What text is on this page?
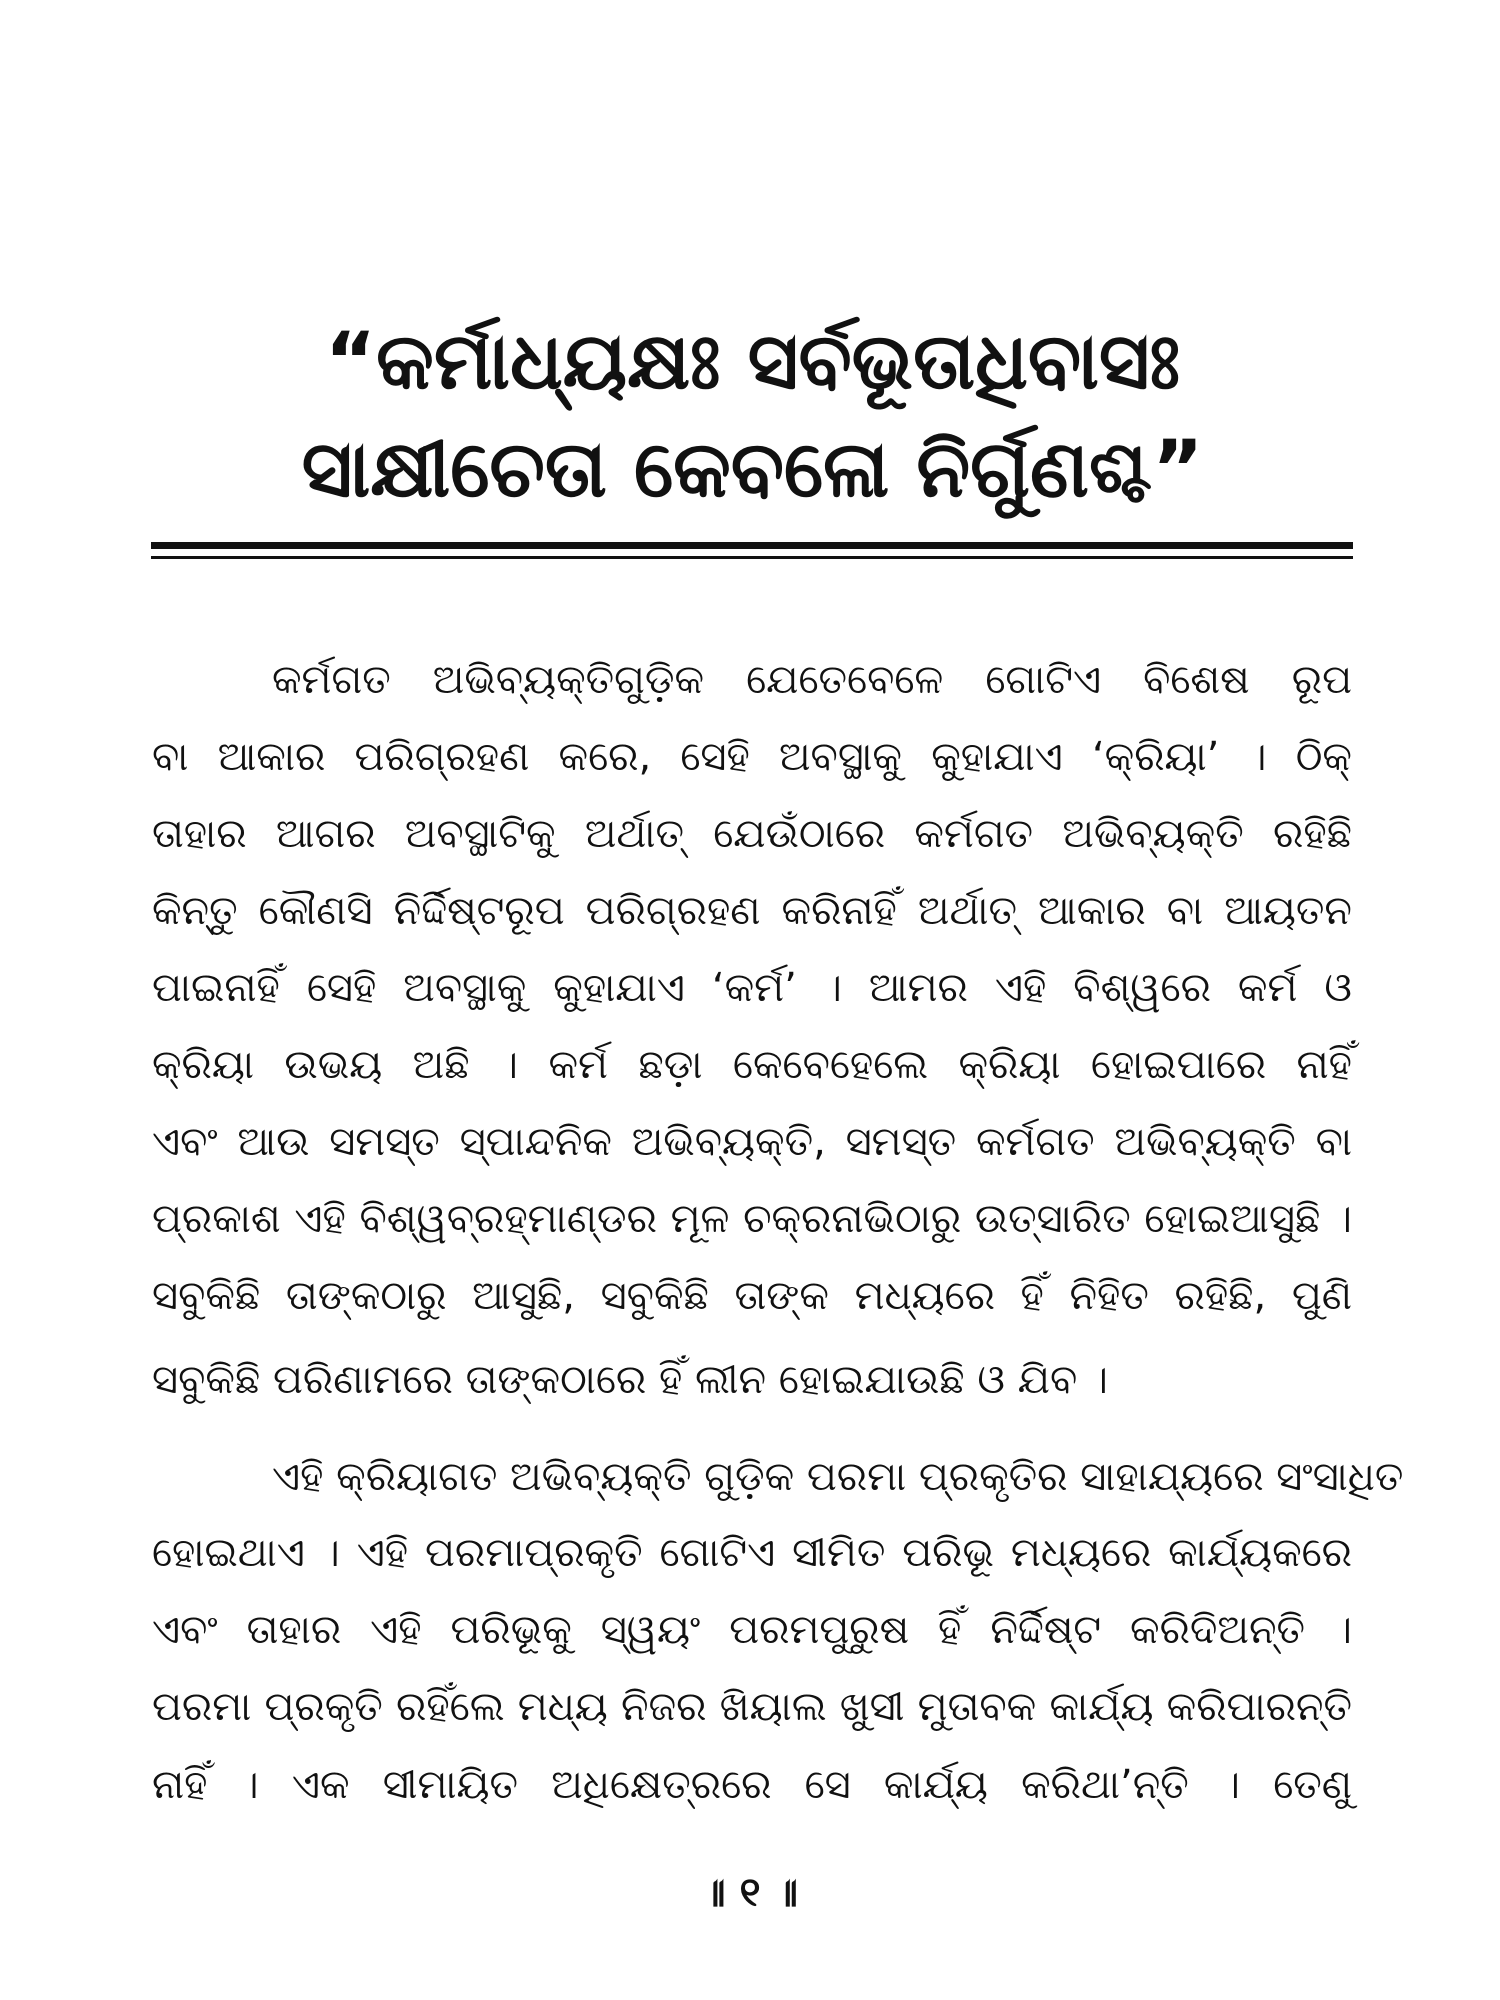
“କର୍ମାଧ୍ୟକ୍ଷଃ ସର୍ବଭୂତାଧିବାସଃ
ସାକ୍ଷୀଚେତା କେବଳୋ ନିର୍ଗୁଣଶ୍ଚ”
କର୍ମଗତ ଅଭିବ୍ୟକ୍ତିଗୁଡ଼ିକ ଯେତେବେଳେ ଗୋଟିଏ ବିଶେଷ ରୂପ
ବା ଆକାର ପରିଗ୍ରହଣ କରେ, ସେହି ଅବସ୍ଥାକୁ କୁହାଯାଏ ‘କ୍ରିୟା’ । ଠିକ୍
ତାହାର ଆଗର ଅବସ୍ଥାଟିକୁ ଅର୍ଥାତ୍ ଯେଉଁଠାରେ କର୍ମଗତ ଅଭିବ୍ୟକ୍ତି ରହିଛି
କିନ୍ତୁ କୌଣସି ନିର୍ଦ୍ଦିଷ୍ଟରୂପ ପରିଗ୍ରହଣ କରିନାହିଁ ଅର୍ଥାତ୍ ଆକାର ବା ଆୟତନ
ପାଇନାହିଁ ସେହି ଅବସ୍ଥାକୁ କୁହାଯାଏ ‘କର୍ମ’ । ଆମର ଏହି ବିଶ୍ୱରେ କର୍ମ ଓ
କ୍ରିୟା ଉଭୟ ଅଛି । କର୍ମ ଛଡ଼ା କେବେହେଲେ କ୍ରିୟା ହୋଇପାରେ ନାହିଁ
ଏବଂ ଆଉ ସମସ୍ତ ସ୍ପାନ୍ଦନିକ ଅଭିବ୍ୟକ୍ତି, ସମସ୍ତ କର୍ମଗତ ଅଭିବ୍ୟକ୍ତି ବା
ପ୍ରକାଶ ଏହି ବିଶ୍ୱବ୍ରହ୍ମାଣ୍ଡର ମୂଳ ଚକ୍ରନାଭିଠାରୁ ଉତ୍ସାରିତ ହୋଇଆସୁଛି ।
ସବୁକିଛି ତାଙ୍କଠାରୁ ଆସୁଛି, ସବୁକିଛି ତାଙ୍କ ମଧ୍ୟରେ ହିଁ ନିହିତ ରହିଛି, ପୁଣି
ସବୁକିଛି ପରିଣାମରେ ତାଙ୍କଠାରେ ହିଁ ଲୀନ ହୋଇଯାଉଛି ଓ ଯିବ ।
ଏହି କ୍ରିୟାଗତ ଅଭିବ୍ୟକ୍ତି ଗୁଡ଼ିକ ପରମା ପ୍ରକୃତିର ସାହାଯ୍ୟରେ ସଂସାଧିତ
ହୋଇଥାଏ । ଏହି ପରମାପ୍ରକୃତି ଗୋଟିଏ ସୀମିତ ପରିଭୂ ମଧ୍ୟରେ କାର୍ଯ୍ୟକରେ
ଏବଂ ତାହାର ଏହି ପରିଭୂକୁ ସ୍ୱୟଂ ପରମପୁରୁଷ ହିଁ ନିର୍ଦ୍ଦିଷ୍ଟ କରିଦିଅନ୍ତି ।
ପରମା ପ୍ରକୃତି ରହିଁଲେ ମଧ୍ୟ ନିଜର ଖିୟାଲ ଖୁସୀ ମୁତାବକ କାର୍ଯ୍ୟ କରିପାରନ୍ତି
ନାହିଁ । ଏକ ସୀମାୟିତ ଅଧିକ୍ଷେତ୍ରରେ ସେ କାର୍ଯ୍ୟ କରିଥା’ନ୍ତି । ତେଣୁ
॥ ୧ ॥
